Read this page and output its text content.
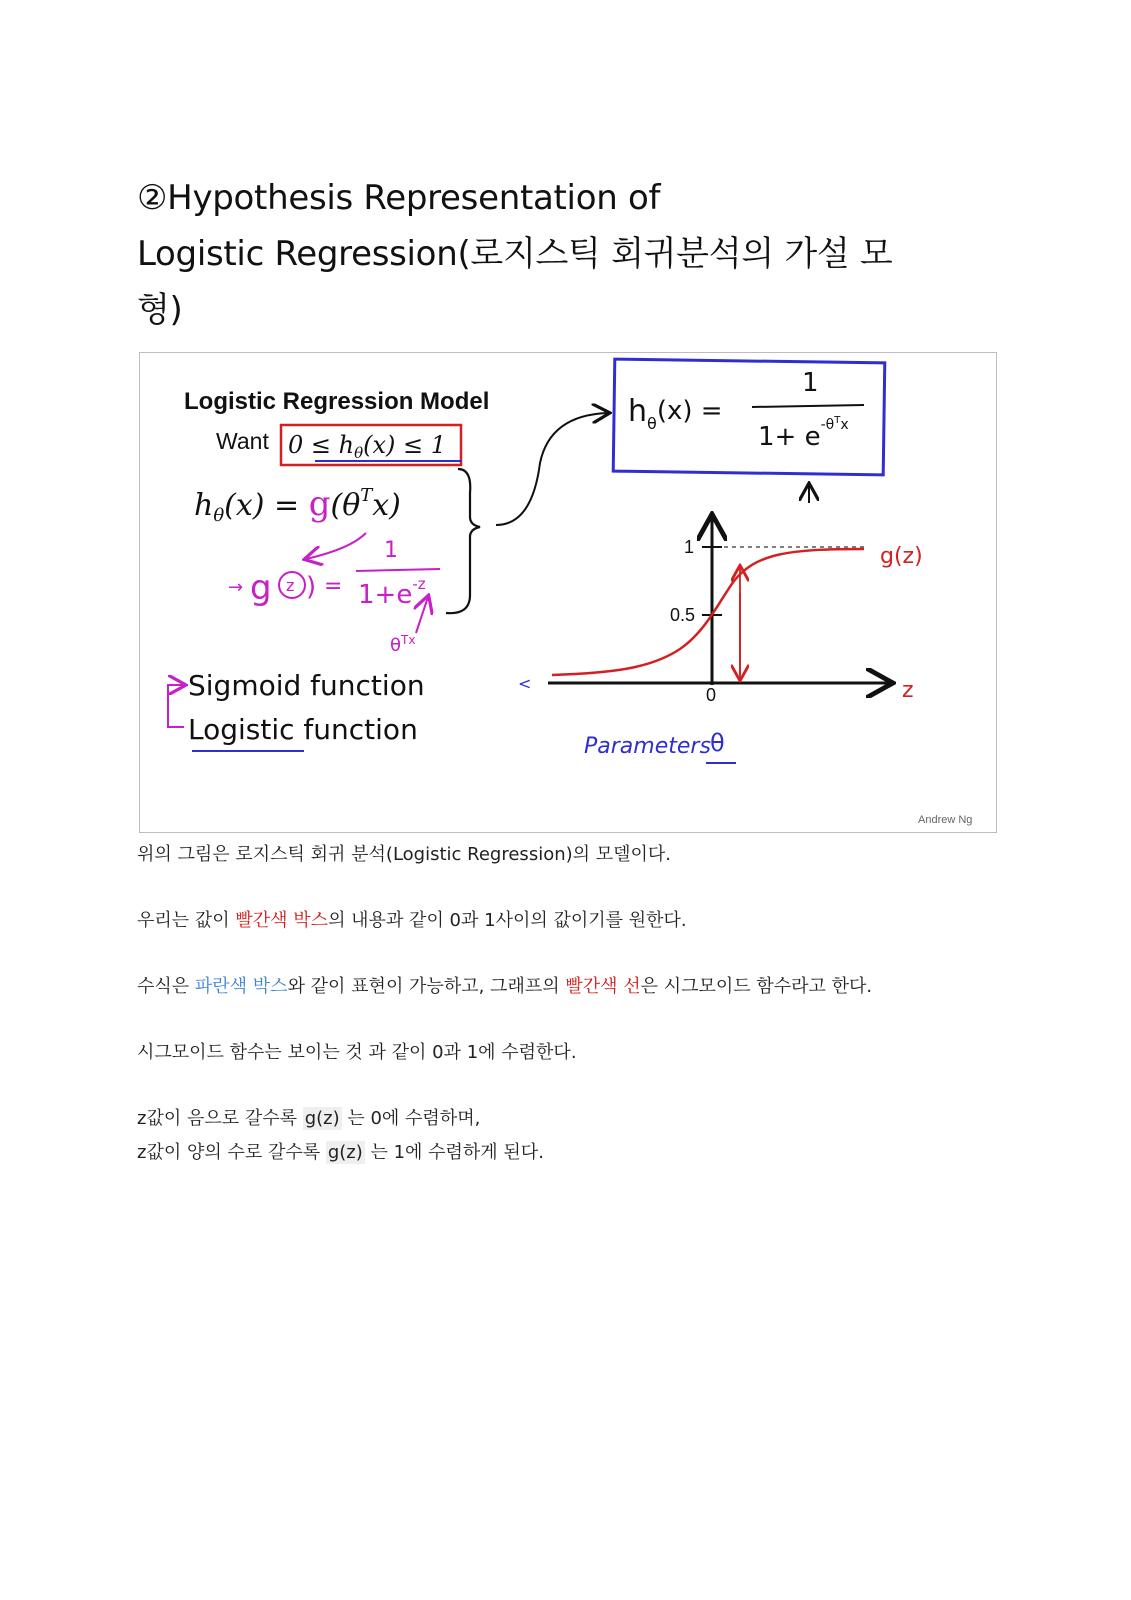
②Hypothesis Representation of
Logistic Regression(로지스틱 회귀분석의 가설 모
형)
Logistic Regression Model
Want $0 \le h_\theta(x) \le 1$
$h_\theta(x) = g(\theta^Tx)$
→ g z ) =
1
$1+e^{-z}$
$\theta^{Tx}$
$h_\theta(x)$ =
1
$1+ e^{-\theta T}_x$
<
1
0.5
0
g(z)
z
Sigmoid function
Logistic function
Parameters θ
Andrew Ng

위의 그림은 로지스틱 회귀 분석(Logistic Regression)의 모델이다.

우리는 값이 빨간색 박스의 내용과 같이 0과 1사이의 값이기를 원한다.

수식은 파란색 박스와 같이 표현이 가능하고, 그래프의 빨간색 선은 시그모이드 함수라고 한다.

시그모이드 함수는 보이는 것 과 같이 0과 1에 수렴한다.

z값이 음으로 갈수록 g(z) 는 0에 수렴하며,

z값이 양의 수로 갈수록 g(z) 는 1에 수렴하게 된다.
